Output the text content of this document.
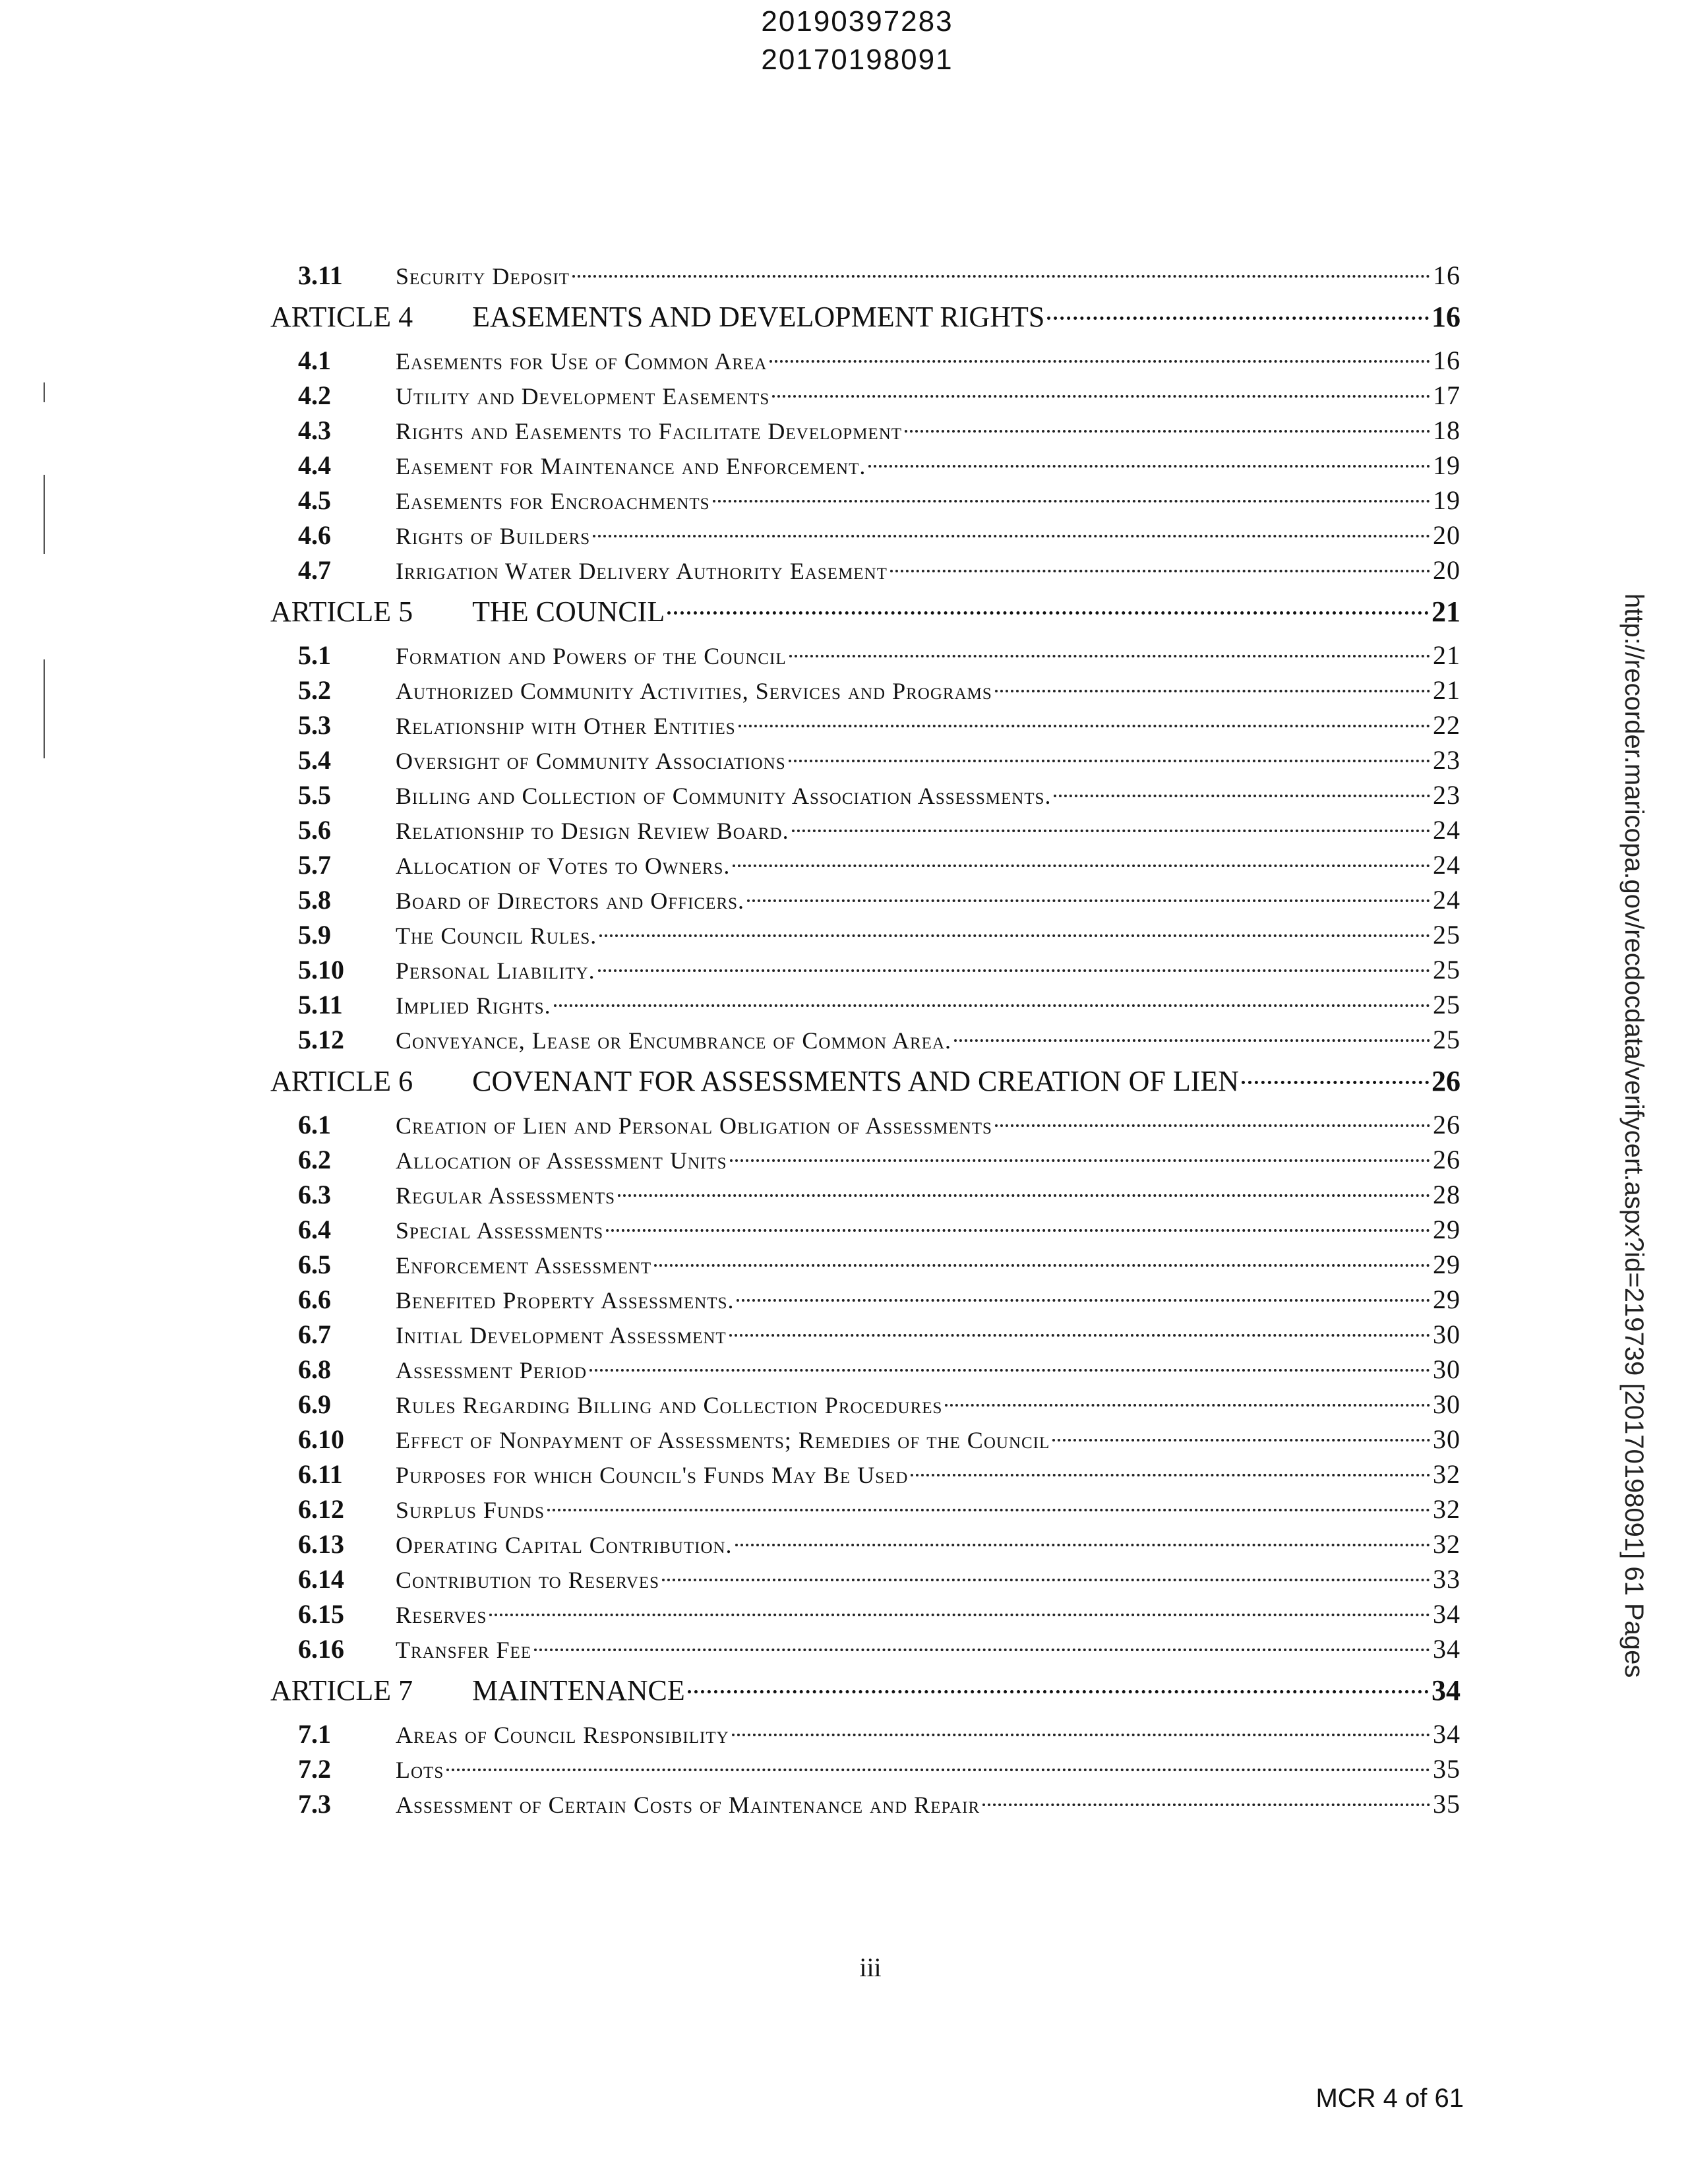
20190397283
20170198091
3.11	Security Deposit	16
ARTICLE 4 EASEMENTS AND DEVELOPMENT RIGHTS	16
4.1	Easements for Use of Common Area	16
4.2	Utility and Development Easements	17
4.3	Rights and Easements to Facilitate Development	18
4.4	Easement for Maintenance and Enforcement.	19
4.5	Easements for Encroachments	19
4.6	Rights of Builders	20
4.7	Irrigation Water Delivery Authority Easement	20
ARTICLE 5 THE COUNCIL	21
5.1	Formation and Powers of the Council	21
5.2	Authorized Community Activities, Services and Programs	21
5.3	Relationship with Other Entities	22
5.4	Oversight of Community Associations	23
5.5	Billing and Collection of Community Association Assessments.	23
5.6	Relationship to Design Review Board.	24
5.7	Allocation of Votes to Owners.	24
5.8	Board of Directors and Officers.	24
5.9	The Council Rules.	25
5.10	Personal Liability.	25
5.11	Implied Rights.	25
5.12	Conveyance, Lease or Encumbrance of Common Area.	25
ARTICLE 6 COVENANT FOR ASSESSMENTS AND CREATION OF LIEN	26
6.1	Creation of Lien and Personal Obligation of Assessments	26
6.2	Allocation of Assessment Units	26
6.3	Regular Assessments	28
6.4	Special Assessments	29
6.5	Enforcement Assessment	29
6.6	Benefited Property Assessments.	29
6.7	Initial Development Assessment	30
6.8	Assessment Period	30
6.9	Rules Regarding Billing and Collection Procedures	30
6.10	Effect of Nonpayment of Assessments; Remedies of the Council	30
6.11	Purposes for which Council's Funds May Be Used	32
6.12	Surplus Funds	32
6.13	Operating Capital Contribution.	32
6.14	Contribution to Reserves	33
6.15	Reserves	34
6.16	Transfer Fee	34
ARTICLE 7 MAINTENANCE	34
7.1	Areas of Council Responsibility	34
7.2	Lots	35
7.3	Assessment of Certain Costs of Maintenance and Repair	35
iii
MCR 4 of 61
http://recorder.maricopa.gov/recdocdata/verifycert.aspx?id=219739 [20170198091] 61 Pages
